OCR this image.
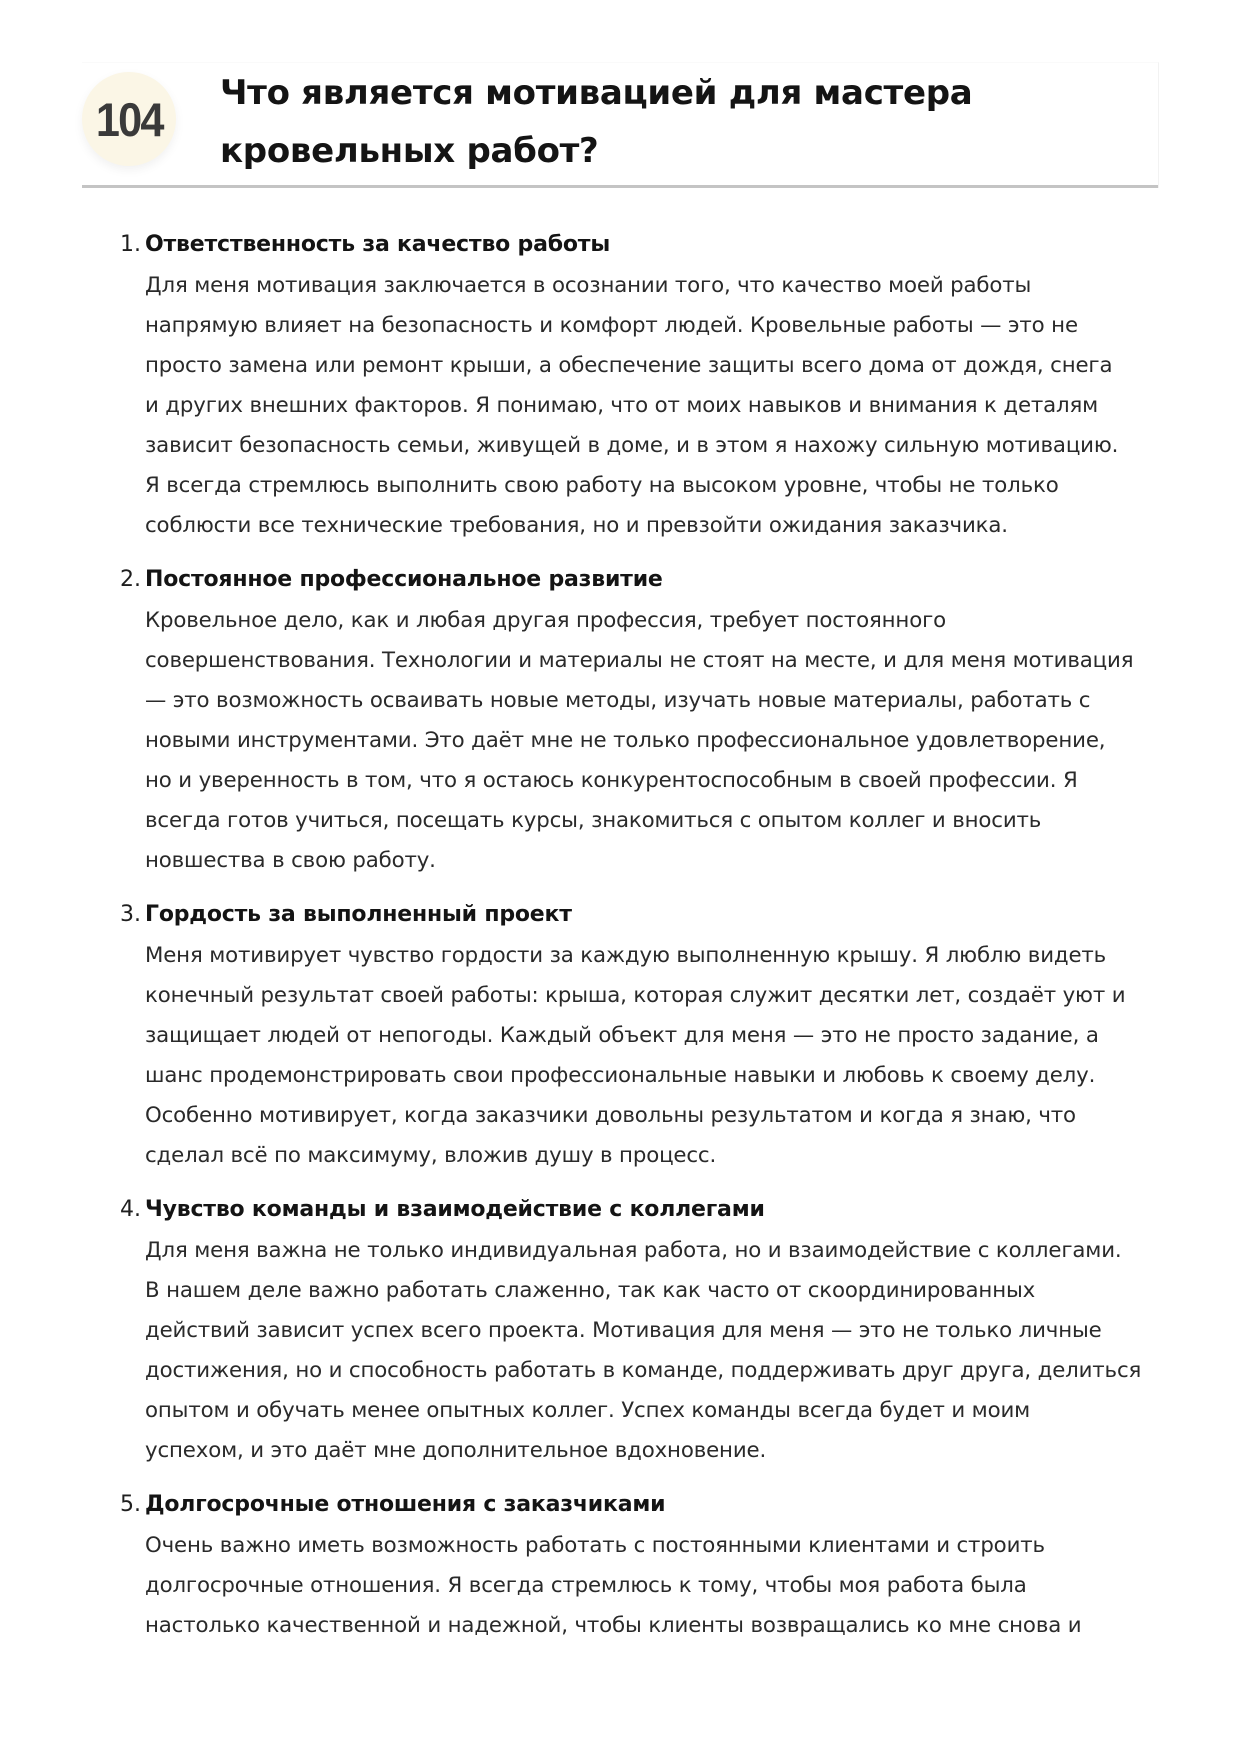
104 Что является мотивацией для мастера
кровельных работ?
1. Ответственность за качество работы
Для меня мотивация заключается в осознании того, что качество моей работы
напрямую влияет на безопасность и комфорт людей. Кровельные работы — это не
просто замена или ремонт крыши, а обеспечение защиты всего дома от дождя, снега
и других внешних факторов. Я понимаю, что от моих навыков и внимания к деталям
зависит безопасность семьи, живущей в доме, и в этом я нахожу сильную мотивацию.
Я всегда стремлюсь выполнить свою работу на высоком уровне, чтобы не только
соблюсти все технические требования, но и превзойти ожидания заказчика.
2. Постоянное профессиональное развитие
Кровельное дело, как и любая другая профессия, требует постоянного
совершенствования. Технологии и материалы не стоят на месте, и для меня мотивация
— это возможность осваивать новые методы, изучать новые материалы, работать с
новыми инструментами. Это даёт мне не только профессиональное удовлетворение,
но и уверенность в том, что я остаюсь конкурентоспособным в своей профессии. Я
всегда готов учиться, посещать курсы, знакомиться с опытом коллег и вносить
новшества в свою работу.
3. Гордость за выполненный проект
Меня мотивирует чувство гордости за каждую выполненную крышу. Я люблю видеть
конечный результат своей работы: крыша, которая служит десятки лет, создаёт уют и
защищает людей от непогоды. Каждый объект для меня — это не просто задание, а
шанс продемонстрировать свои профессиональные навыки и любовь к своему делу.
Особенно мотивирует, когда заказчики довольны результатом и когда я знаю, что
сделал всё по максимуму, вложив душу в процесс.
4. Чувство команды и взаимодействие с коллегами
Для меня важна не только индивидуальная работа, но и взаимодействие с коллегами.
В нашем деле важно работать слаженно, так как часто от скоординированных
действий зависит успех всего проекта. Мотивация для меня — это не только личные
достижения, но и способность работать в команде, поддерживать друг друга, делиться
опытом и обучать менее опытных коллег. Успех команды всегда будет и моим
успехом, и это даёт мне дополнительное вдохновение.
5. Долгосрочные отношения с заказчиками
Очень важно иметь возможность работать с постоянными клиентами и строить
долгосрочные отношения. Я всегда стремлюсь к тому, чтобы моя работа была
настолько качественной и надежной, чтобы клиенты возвращались ко мне снова и
